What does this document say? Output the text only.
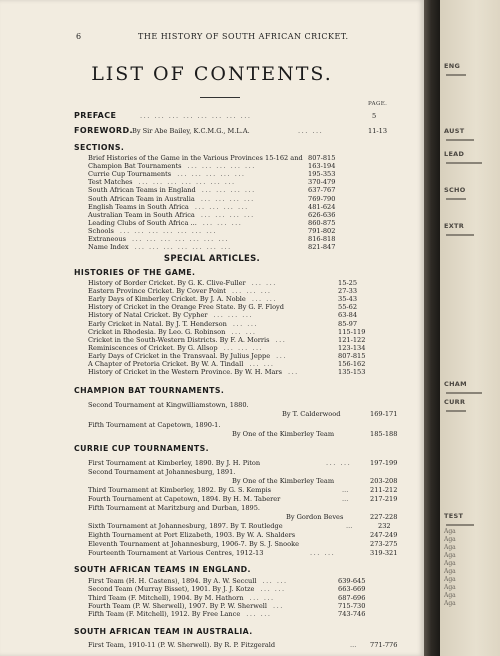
6	THE HISTORY OF SOUTH AFRICAN CRICKET.
LIST OF CONTENTS.
PAGE.
PREFACE	... ... ... ... ... ... ... ...	5
FOREWORD. By Sir Abe Bailey, K.C.M.G., M.L.A.	... ...	11-13
SECTIONS.
SPECIAL ARTICLES.
HISTORIES OF THE GAME.
CHAMPION BAT TOURNAMENTS.
Second Tournament at Kingwilliamstown, 1880.
By T. Calderwood	169-171
Fifth Tournament at Capetown, 1890-1.
By One of the Kimberley Team	185-188
CURRIE CUP TOURNAMENTS.
First Tournament at Kimberley, 1890. By J. H. Piton	... ...	197-199
Second Tournament at Johannesburg, 1891.
By One of the Kimberley Team	203-208
Third Tournament at Kimberley, 1892. By G. S. Kempis	...	211-212
Fourth Tournament at Capetown, 1894. By H. M. Taberer	...	217-219
Fifth Tournament at Maritzburg and Durban, 1895.
By Gordon Beves	227-228
Sixth Tournament at Johannesburg, 1897. By T. Routledge	...	232
Eighth Tournament at Port Elizabeth, 1903. By W. A. Shalders	247-249
Eleventh Tournament at Johannesburg, 1906-7. By S. J. Snooke	273-275
Fourteenth Tournament at Various Centres, 1912-13	... ...	319-321
SOUTH AFRICAN TEAMS IN ENGLAND.
SOUTH AFRICAN TEAM IN AUSTRALIA.
First Team, 1910-11 (P. W. Sherwell). By R. P. Fitzgerald	... 771-776
Brief Histories of the Game in the Various Provinces 15-162 and 807-815
Champion Bat Tournaments ... ... ... ... ...	163-194
Currie Cup Tournaments ... ... ... ... ...	195-353
Test Matches ... ... ... ... ... ... ...	370-479
South African Teams in England ... ... ... ...	637-767
South African Team in Australia ... ... ... ...	769-790
English Teams in South Africa ... ... ... ...	481-624
Australian Team in South Africa ... ... ... ...	626-636
Leading Clubs of South Africa ... ... ... ...	860-875
Schools ... ... ... ... ... ... ...	791-802
Extraneous ... ... ... ... ... ... ...	816-818
Name Index ... ... ... ... ... ... ...	821-847
History of Border Cricket. By G. K. Clive-Fuller ... ...	15-25
Eastern Province Cricket. By Cover Point ... ... ...	27-33
Early Days of Kimberley Cricket. By J. A. Noble ... ...	35-43
History of Cricket in the Orange Free State. By G. F. Floyd	55-62
History of Natal Cricket. By Cypher ... ... ...	63-84
Early Cricket in Natal. By J. T. Henderson ... ...	85-97
Cricket in Rhodesia. By Leo. G. Robinson ... ...	115-119
Cricket in the South-Western Districts. By F. A. Morris ...	121-122
Reminiscences of Cricket. By G. Allsop ... ... ...	123-134
Early Days of Cricket in the Transvaal. By Julius Jeppe ...	807-815
A Chapter of Pretoria Cricket. By W. A. Tindall ... ...	156-162
History of Cricket in the Western Province. By W. H. Mars ...	135-153
First Team (H. H. Castens), 1894. By A. W. Seccull ... ...	639-645
Second Team (Murray Bisset), 1901. By J. J. Kotze ... ...	663-669
Third Team (F. Mitchell), 1904. By M. Hathorn ... ...	687-696
Fourth Team (P. W. Sherwell), 1907. By P. W. Sherwell ...	715-730
Fifth Team (F. Mitchell), 1912. By Free Lance ... ...	743-746
ENG
AUST
LEAD
SCHO
EXTR
CHAM
CURR
TEST
Aga
Aga
Aga
Aga
Aga
Aga
Aga
Aga
Aga
Aga
